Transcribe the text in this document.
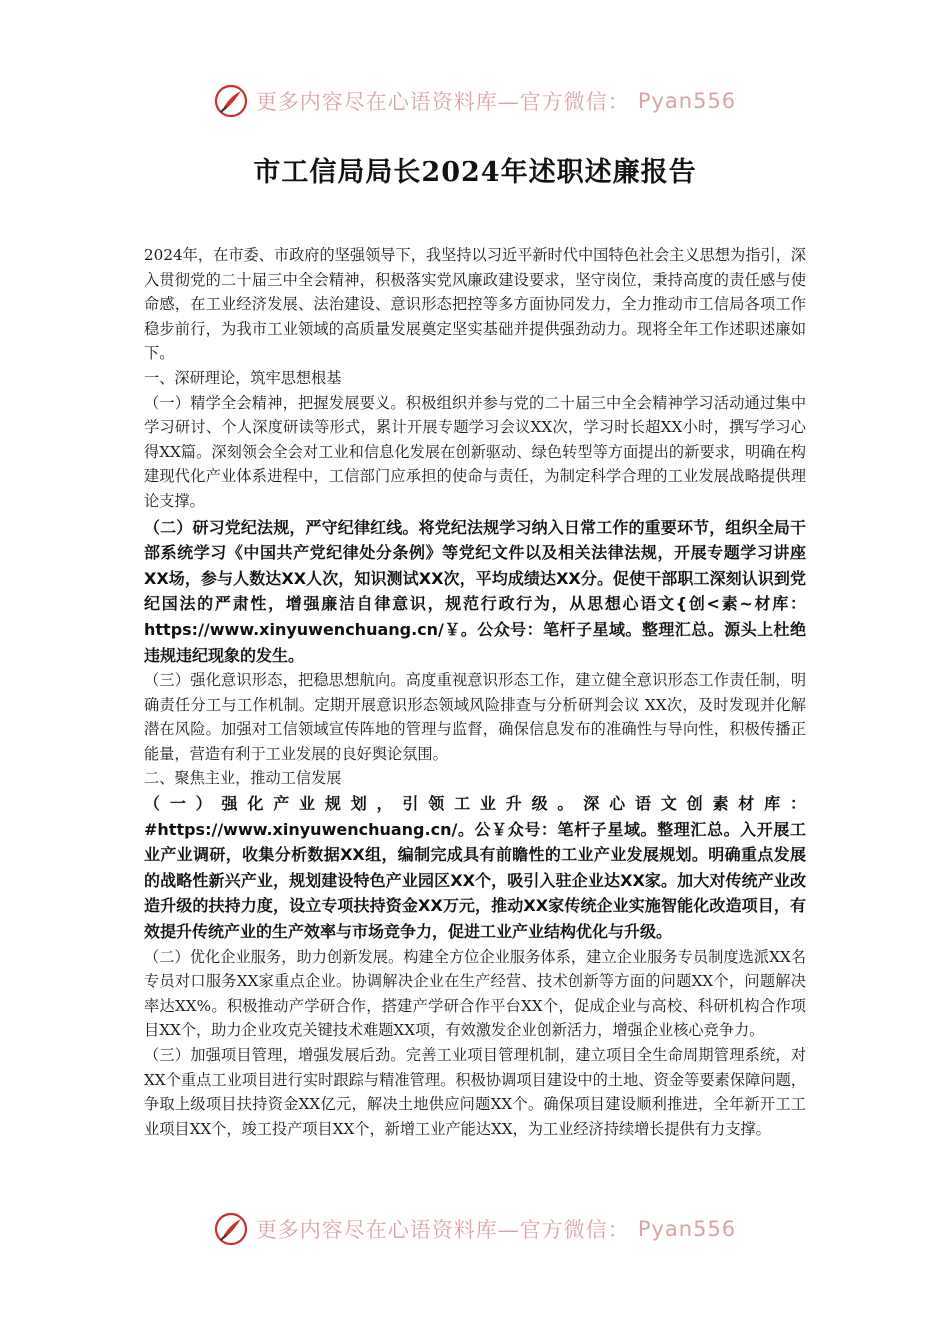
更多内容尽在心语资料库—官方微信： Pyan556
市工信局局长2024年述职述廉报告

2024年，在市委、市政府的坚强领导下，我坚持以习近平新时代中国特色社会主义思想为指引，深入贯彻党的二十届三中全会精神，积极落实党风廉政建设要求，坚守岗位，秉持高度的责任感与使命感，在工业经济发展、法治建设、意识形态把控等多方面协同发力，全力推动市工信局各项工作稳步前行，为我市工业领域的高质量发展奠定坚实基础并提供强劲动力。现将全年工作述职述廉如下。

一、深研理论，筑牢思想根基

（一）精学全会精神，把握发展要义。积极组织并参与党的二十届三中全会精神学习活动通过集中学习研讨、个人深度研读等形式，累计开展专题学习会议XX次，学习时长超XX小时，撰写学习心得XX篇。深刻领会全会对工业和信息化发展在创新驱动、绿色转型等方面提出的新要求，明确在构建现代化产业体系进程中，工信部门应承担的使命与责任，为制定科学合理的工业发展战略提供理论支撑。

（二）研习党纪法规，严守纪律红线。将党纪法规学习纳入日常工作的重要环节，组织全局干部系统学习《中国共产党纪律处分条例》等党纪文件以及相关法律法规，开展专题学习讲座XX场，参与人数达XX人次，知识测试XX次，平均成绩达XX分。促使干部职工深刻认识到党纪国法的严肃性，增强廉洁自律意识，规范行政行为，从思想心语文{创<素~材库：https://www.xinyuwenchuang.cn/￥。公众号：笔杆子星域。整理汇总。源头上杜绝违规违纪现象的发生。

（三）强化意识形态，把稳思想航向。高度重视意识形态工作，建立健全意识形态工作责任制，明确责任分工与工作机制。定期开展意识形态领域风险排查与分析研判会议 XX次，及时发现并化解潜在风险。加强对工信领域宣传阵地的管理与监督，确保信息发布的准确性与导向性，积极传播正能量，营造有利于工业发展的良好舆论氛围。

二、聚焦主业，推动工信发展

（一）强化产业规划，引领工业升级。深心语文创素材库：#https://www.xinyuwenchuang.cn/。公￥众号：笔杆子星域。整理汇总。入开展工业产业调研，收集分析数据XX组，编制完成具有前瞻性的工业产业发展规划。明确重点发展的战略性新兴产业，规划建设特色产业园区XX个，吸引入驻企业达XX家。加大对传统产业改造升级的扶持力度，设立专项扶持资金XX万元，推动XX家传统企业实施智能化改造项目，有效提升传统产业的生产效率与市场竞争力，促进工业产业结构优化与升级。

（二）优化企业服务，助力创新发展。构建全方位企业服务体系，建立企业服务专员制度选派XX名专员对口服务XX家重点企业。协调解决企业在生产经营、技术创新等方面的问题XX个，问题解决率达XX%。积极推动产学研合作，搭建产学研合作平台XX个，促成企业与高校、科研机构合作项目XX个，助力企业攻克关键技术难题XX项，有效激发企业创新活力，增强企业核心竞争力。

（三）加强项目管理，增强发展后劲。完善工业项目管理机制，建立项目全生命周期管理系统，对XX个重点工业项目进行实时跟踪与精准管理。积极协调项目建设中的土地、资金等要素保障问题，争取上级项目扶持资金XX亿元，解决土地供应问题XX个。确保项目建设顺利推进，全年新开工工业项目XX个，竣工投产项目XX个，新增工业产能达XX，为工业经济持续增长提供有力支撑。

更多内容尽在心语资料库—官方微信： Pyan556
